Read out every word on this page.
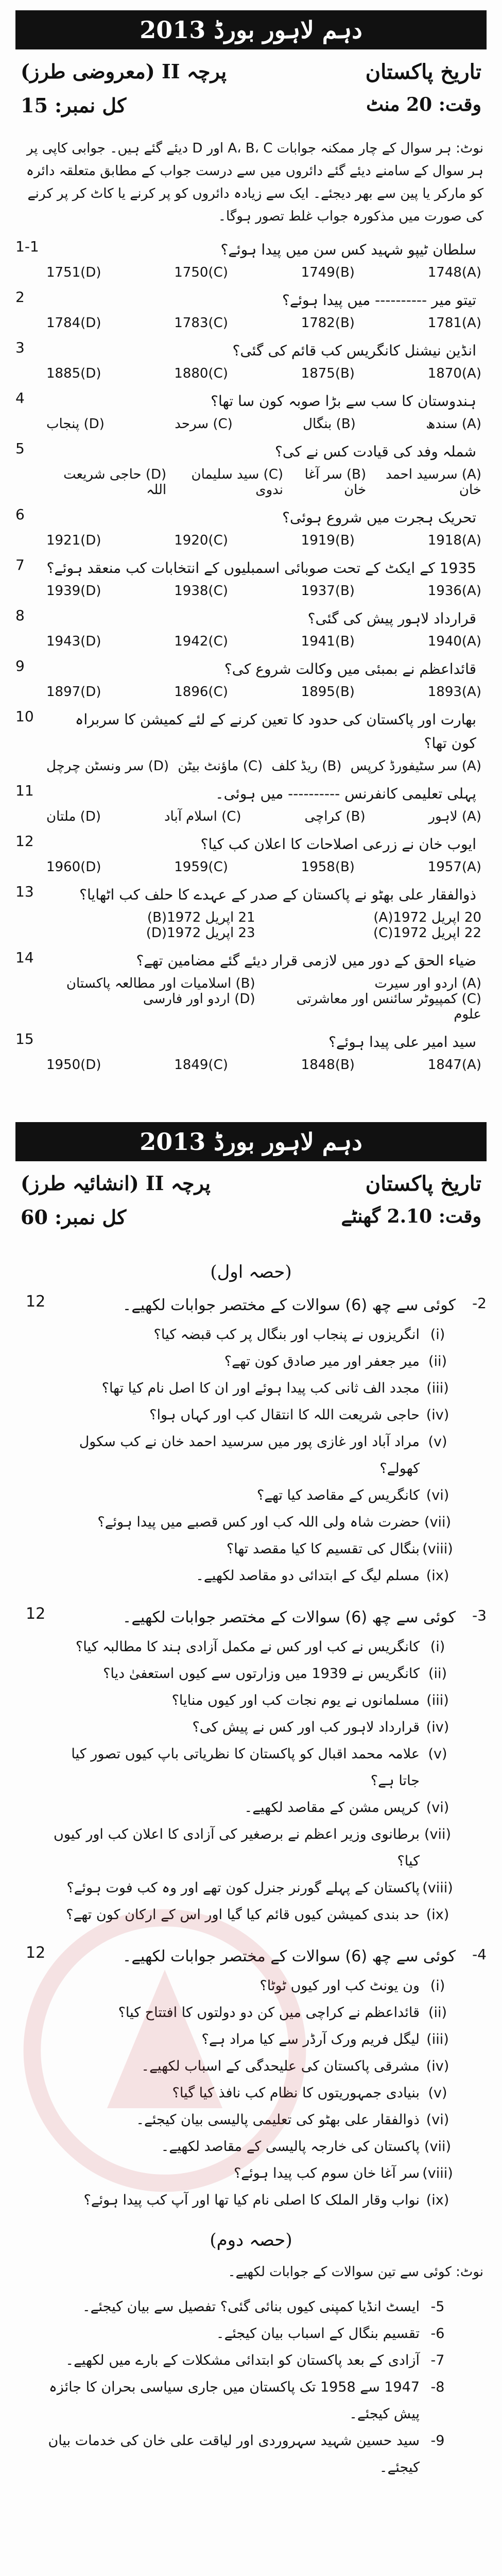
دہم لاہور بورڈ 2013
تاریخ پاکستان
وقت: 20 منٹ
پرچہ II (معروضی طرز)
کل نمبر: 15
نوٹ: ہر سوال کے چار ممکنہ جوابات A، B، C اور D دیئے گئے ہیں۔ جوابی کاپی پر ہر سوال کے سامنے دیئے گئے دائروں میں سے درست جواب کے مطابق متعلقہ دائرہ کو مارکر یا پین سے بھر دیجئے۔ ایک سے زیادہ دائروں کو پر کرنے یا کاٹ کر پر کرنے کی صورت میں مذکورہ جواب غلط تصور ہوگا۔
1-1	سلطان ٹیپو شہید کس سن میں پیدا ہوئے؟
1748(A)
1749(B)
1750(C)
1751(D)
2	تیتو میر ---------- میں پیدا ہوئے؟
1781(A)
1782(B)
1783(C)
1784(D)
3	انڈین نیشنل کانگریس کب قائم کی گئی؟
1870(A)
1875(B)
1880(C)
1885(D)
4	ہندوستان کا سب سے بڑا صوبہ کون سا تھا؟
(A) سندھ
(B) بنگال
(C) سرحد
(D) پنجاب
5	شملہ وفد کی قیادت کس نے کی؟
(A) سرسید احمد خان
(B) سر آغا خان
(C) سید سلیمان ندوی
(D) حاجی شریعت اللہ
6	تحریک ہجرت میں شروع ہوئی؟
1918(A)
1919(B)
1920(C)
1921(D)
7 1935 کے ایکٹ کے تحت صوبائی اسمبلیوں کے انتخابات کب منعقد ہوئے؟
1936(A)
1937(B)
1938(C)
1939(D)
8	قرارداد لاہور پیش کی گئی؟
1940(A)
1941(B)
1942(C)
1943(D)
9	قائداعظم نے بمبئی میں وکالت شروع کی؟
1893(A)
1895(B)
1896(C)
1897(D)
10	بھارت اور پاکستان کی حدود کا تعین کرنے کے لئے کمیشن کا سربراہ کون تھا؟
(A) سر سٹیفورڈ کرپس
(B) ریڈ کلف
(C) ماؤنٹ بیٹن
(D) سر ونسٹن چرچل
11	پہلی تعلیمی کانفرنس ---------- میں ہوئی۔
(A) لاہور
(B) کراچی
(C) اسلام آباد
(D) ملتان
12	ایوب خان نے زرعی اصلاحات کا اعلان کب کیا؟
1957(A)
1958(B)
1959(C)
1960(D)
13	ذوالفقار علی بھٹو نے پاکستان کے صدر کے عہدے کا حلف کب اٹھایا؟
20 اپریل 1972(A)
21 اپریل 1972(B)
22 اپریل 1972(C)
23 اپریل 1972(D)
14	ضیاء الحق کے دور میں لازمی قرار دیئے گئے مضامین تھے؟
(A) اردو اور سیرت
(B) اسلامیات اور مطالعہ پاکستان
(C) کمپیوٹر سائنس اور معاشرتی علوم
(D) اردو اور فارسی
15	سید امیر علی پیدا ہوئے؟
1847(A)
1848(B)
1849(C)
1950(D)
دہم لاہور بورڈ 2013
تاریخ پاکستان
وقت: 2.10 گھنٹے
پرچہ II (انشائیہ طرز)
کل نمبر: 60
(حصہ اول)
12	-2
کوئی سے چھ (6) سوالات کے مختصر جوابات لکھیے۔
(i)
انگریزوں نے پنجاب اور بنگال پر کب قبضہ کیا؟
(ii)
میر جعفر اور میر صادق کون تھے؟
(iii)
مجدد الف ثانی کب پیدا ہوئے اور ان کا اصل نام کیا تھا؟
(iv)
حاجی شریعت اللہ کا انتقال کب اور کہاں ہوا؟
(v)
مراد آباد اور غازی پور میں سرسید احمد خان نے کب سکول کھولے؟
(vi)
کانگریس کے مقاصد کیا تھے؟
(vii)
حضرت شاہ ولی اللہ کب اور کس قصبے میں پیدا ہوئے؟
(viii)
بنگال کی تقسیم کا کیا مقصد تھا؟
(ix)
مسلم لیگ کے ابتدائی دو مقاصد لکھیے۔
12	-3
کوئی سے چھ (6) سوالات کے مختصر جوابات لکھیے۔
(i)
کانگریس نے کب اور کس نے مکمل آزادی ہند کا مطالبہ کیا؟
(ii)
کانگریس نے 1939 میں وزارتوں سے کیوں استعفیٰ دیا؟
(iii)
مسلمانوں نے یوم نجات کب اور کیوں منایا؟
(iv)
قرارداد لاہور کب اور کس نے پیش کی؟
(v)
علامہ محمد اقبال کو پاکستان کا نظریاتی باپ کیوں تصور کیا جاتا ہے؟
(vi)
کرپس مشن کے مقاصد لکھیے۔
(vii)
برطانوی وزیر اعظم نے برصغیر کی آزادی کا اعلان کب اور کیوں کیا؟
(viii)
پاکستان کے پہلے گورنر جنرل کون تھے اور وہ کب فوت ہوئے؟
(ix)
حد بندی کمیشن کیوں قائم کیا گیا اور اس کے ارکان کون تھے؟
12	-4
کوئی سے چھ (6) سوالات کے مختصر جوابات لکھیے۔
(i)
ون یونٹ کب اور کیوں ٹوٹا؟
(ii)
قائداعظم نے کراچی میں کن دو دولتوں کا افتتاح کیا؟
(iii)
لیگل فریم ورک آرڈر سے کیا مراد ہے؟
(iv)
مشرقی پاکستان کی علیحدگی کے اسباب لکھیے۔
(v)
بنیادی جمہوریتوں کا نظام کب نافذ کیا گیا؟
(vi)
ذوالفقار علی بھٹو کی تعلیمی پالیسی بیان کیجئے۔
(vii)
پاکستان کی خارجہ پالیسی کے مقاصد لکھیے۔
(viii)
سر آغا خان سوم کب پیدا ہوئے؟
(ix)
نواب وقار الملک کا اصلی نام کیا تھا اور آپ کب پیدا ہوئے؟
(حصہ دوم)
نوٹ: کوئی سے تین سوالات کے جوابات لکھیے۔
-5
ایسٹ انڈیا کمپنی کیوں بنائی گئی؟ تفصیل سے بیان کیجئے۔
-6
تقسیم بنگال کے اسباب بیان کیجئے۔
-7
آزادی کے بعد پاکستان کو ابتدائی مشکلات کے بارے میں لکھیے۔
-8
1947 سے 1958 تک پاکستان میں جاری سیاسی بحران کا جائزہ پیش کیجئے۔
-9
سید حسین شہید سہروردی اور لیاقت علی خان کی خدمات بیان کیجئے۔
